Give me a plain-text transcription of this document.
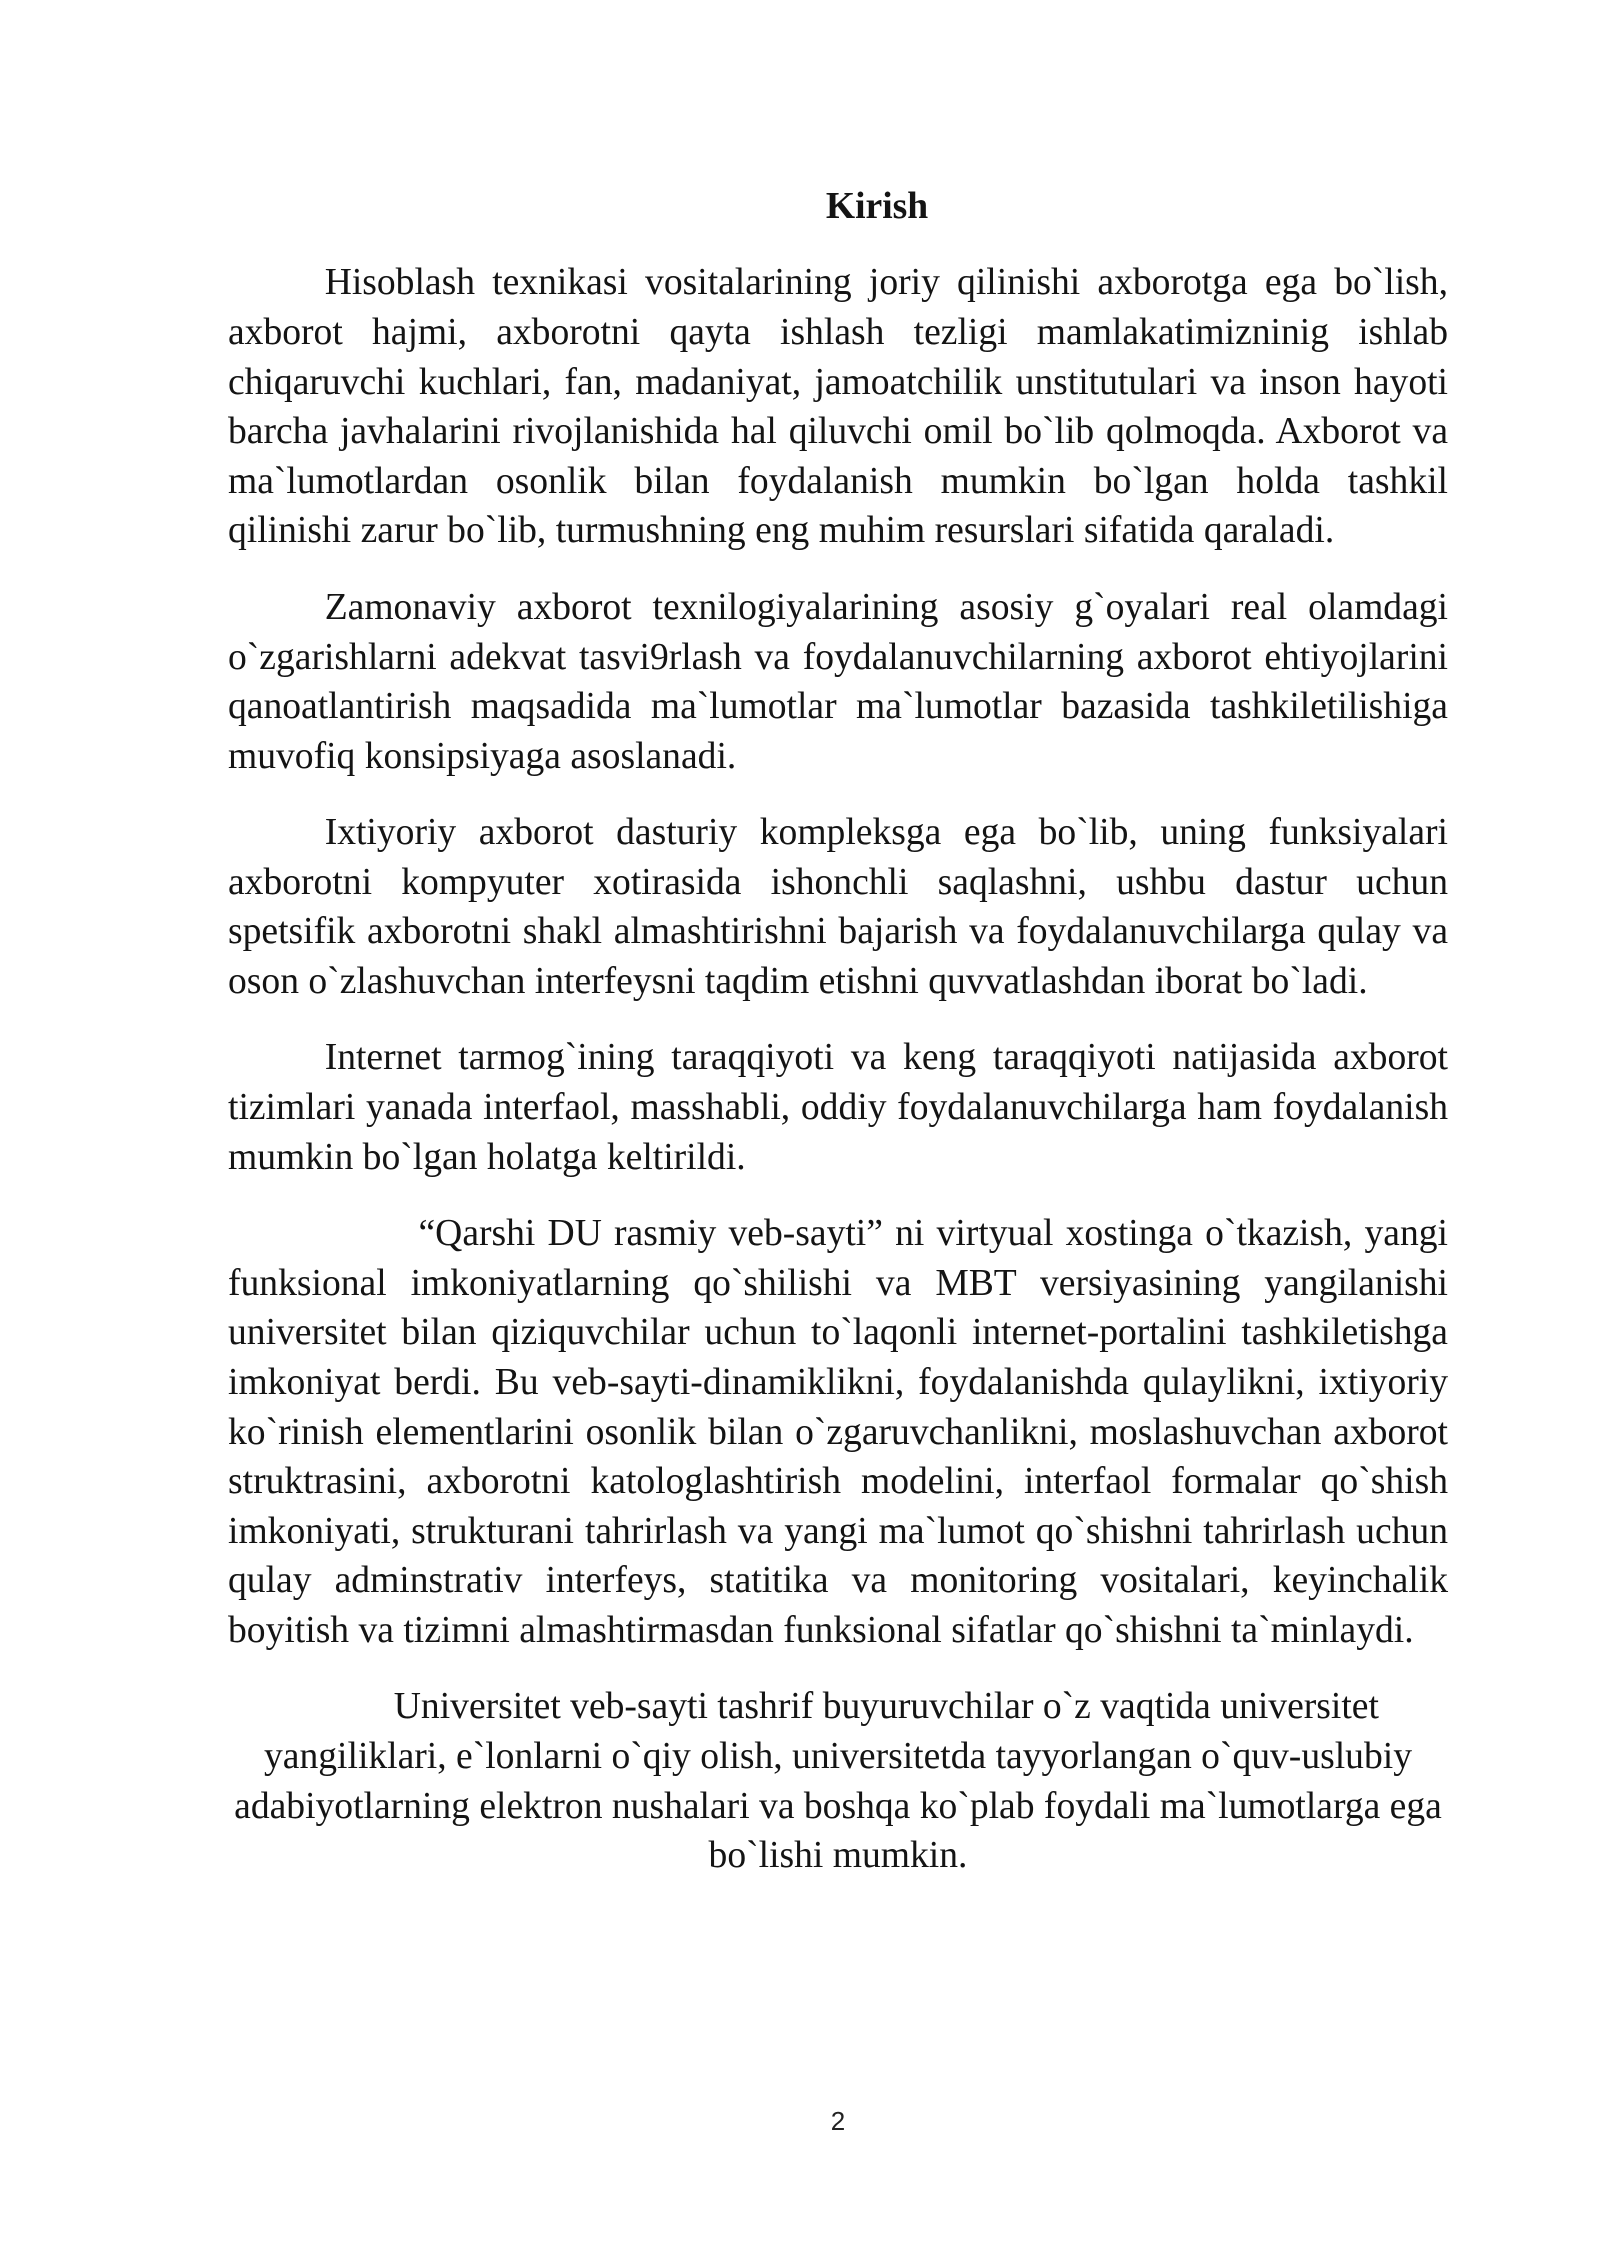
Kirish
Hisoblash texnikasi vositalarining joriy qilinishi axborotga ega bo`lish,
axborot hajmi, axborotni qayta ishlash tezligi mamlakatimizninig ishlab
chiqaruvchi kuchlari, fan, madaniyat, jamoatchilik unstitutulari va inson hayoti
barcha javhalarini rivojlanishida hal qiluvchi omil bo`lib qolmoqda. Axborot va
ma`lumotlardan osonlik bilan foydalanish mumkin bo`lgan holda tashkil
qilinishi zarur bo`lib, turmushning eng muhim resurslari sifatida qaraladi.
Zamonaviy axborot texnilogiyalarining asosiy g`oyalari real olamdagi
o`zgarishlarni adekvat tasvi9rlash va foydalanuvchilarning axborot ehtiyojlarini
qanoatlantirish maqsadida ma`lumotlar ma`lumotlar bazasida tashkiletilishiga
muvofiq konsipsiyaga asoslanadi.
Ixtiyoriy axborot dasturiy kompleksga ega bo`lib, uning funksiyalari
axborotni kompyuter xotirasida ishonchli saqlashni, ushbu dastur uchun
spetsifik axborotni shakl almashtirishni bajarish va foydalanuvchilarga qulay va
oson o`zlashuvchan interfeysni taqdim etishni quvvatlashdan iborat bo`ladi.
Internet tarmog`ining taraqqiyoti va keng taraqqiyoti natijasida axborot
tizimlari yanada interfaol, masshabli, oddiy foydalanuvchilarga ham foydalanish
mumkin bo`lgan holatga keltirildi.
“Qarshi DU rasmiy veb-sayti” ni virtyual xostinga o`tkazish, yangi
funksional imkoniyatlarning qo`shilishi va MBT versiyasining yangilanishi
universitet bilan qiziquvchilar uchun to`laqonli internet-portalini tashkiletishga
imkoniyat berdi. Bu veb-sayti-dinamiklikni, foydalanishda qulaylikni, ixtiyoriy
ko`rinish elementlarini osonlik bilan o`zgaruvchanlikni, moslashuvchan axborot
struktrasini, axborotni katologlashtirish modelini, interfaol formalar qo`shish
imkoniyati, strukturani tahrirlash va yangi ma`lumot qo`shishni tahrirlash uchun
qulay adminstrativ interfeys, statitika va monitoring vositalari, keyinchalik
boyitish va tizimni almashtirmasdan funksional sifatlar qo`shishni ta`minlaydi.
Universitet veb-sayti tashrif buyuruvchilar o`z vaqtida universitet
yangiliklari, e`lonlarni o`qiy olish, universitetda tayyorlangan o`quv-uslubiy
adabiyotlarning elektron nushalari va boshqa ko`plab foydali ma`lumotlarga ega
bo`lishi mumkin.
2
